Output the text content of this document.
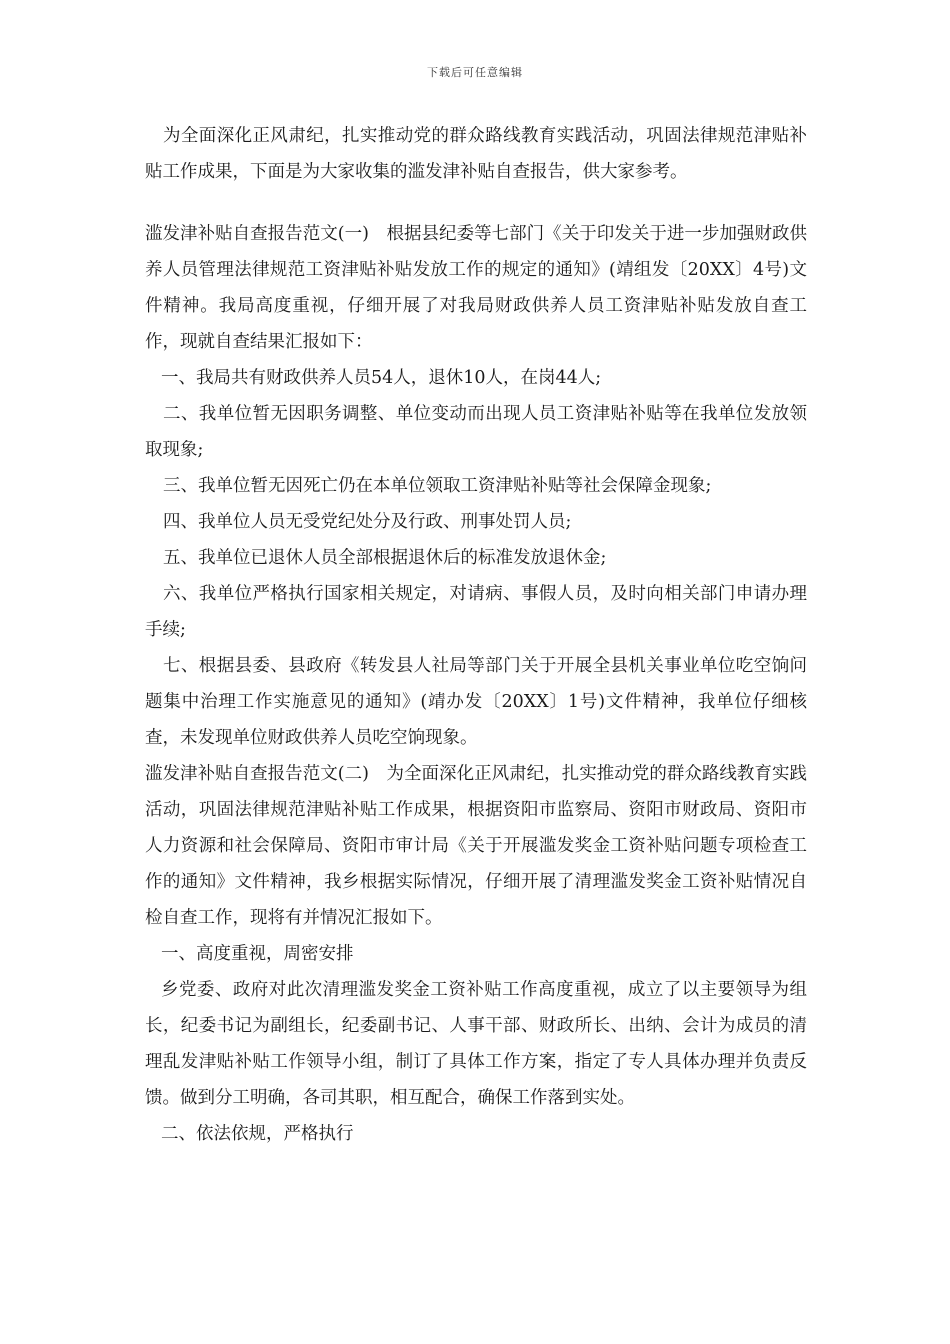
下载后可任意编辑

为全面深化正风肃纪，扎实推动党的群众路线教育实践活动，巩固法律规范津贴补贴工作成果，下面是为大家收集的滥发津补贴自查报告，供大家参考。

滥发津补贴自查报告范文(一)　根据县纪委等七部门《关于印发关于进一步加强财政供养人员管理法律规范工资津贴补贴发放工作的规定的通知》(靖组发〔20XX〕4号)文件精神。我局高度重视，仔细开展了对我局财政供养人员工资津贴补贴发放自查工作，现就自查结果汇报如下：

一、我局共有财政供养人员54人，退休10人，在岗44人;

二、我单位暂无因职务调整、单位变动而出现人员工资津贴补贴等在我单位发放领取现象;

三、我单位暂无因死亡仍在本单位领取工资津贴补贴等社会保障金现象;

四、我单位人员无受党纪处分及行政、刑事处罚人员;

五、我单位已退休人员全部根据退休后的标准发放退休金;

六、我单位严格执行国家相关规定，对请病、事假人员，及时向相关部门申请办理手续;

七、根据县委、县政府《转发县人社局等部门关于开展全县机关事业单位吃空饷问题集中治理工作实施意见的通知》(靖办发〔20XX〕1号)文件精神，我单位仔细核查，未发现单位财政供养人员吃空饷现象。

滥发津补贴自查报告范文(二)　为全面深化正风肃纪，扎实推动党的群众路线教育实践活动，巩固法律规范津贴补贴工作成果，根据资阳市监察局、资阳市财政局、资阳市人力资源和社会保障局、资阳市审计局《关于开展滥发奖金工资补贴问题专项检查工作的通知》文件精神，我乡根据实际情况，仔细开展了清理滥发奖金工资补贴情况自检自查工作，现将有并情况汇报如下。

一、高度重视，周密安排

乡党委、政府对此次清理滥发奖金工资补贴工作高度重视，成立了以主要领导为组长，纪委书记为副组长，纪委副书记、人事干部、财政所长、出纳、会计为成员的清理乱发津贴补贴工作领导小组，制订了具体工作方案，指定了专人具体办理并负责反馈。做到分工明确，各司其职，相互配合，确保工作落到实处。

二、依法依规，严格执行
